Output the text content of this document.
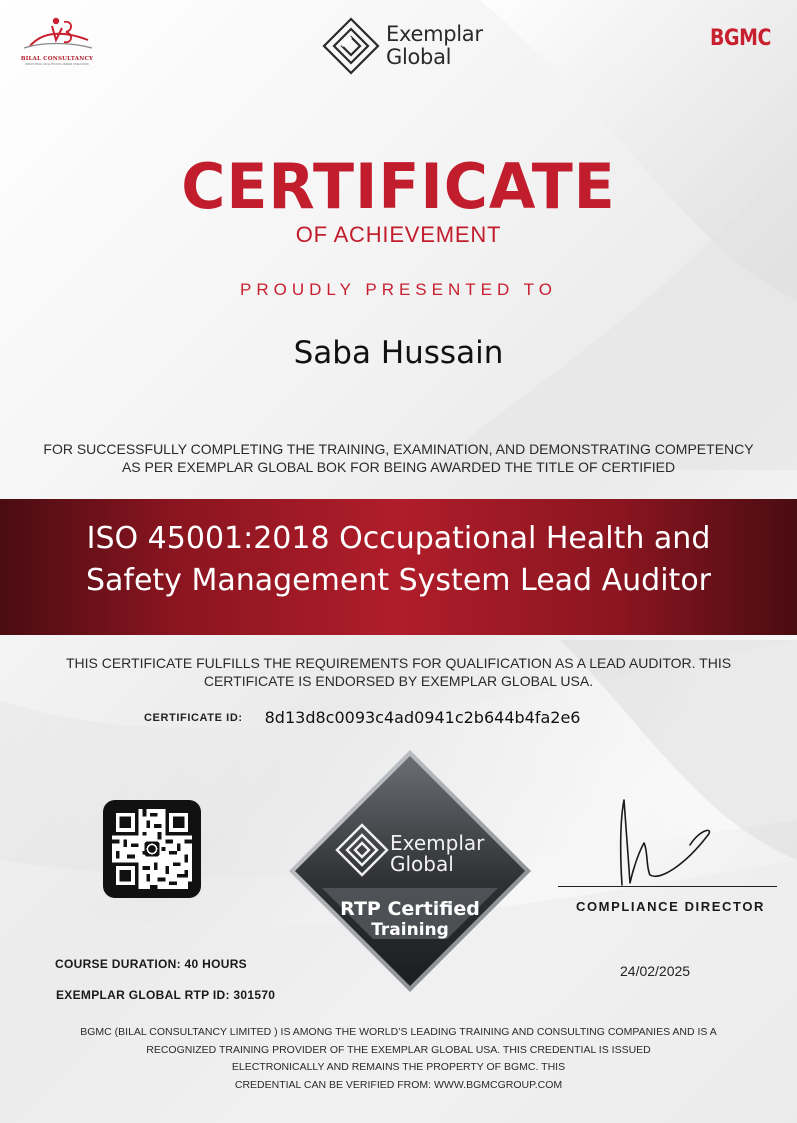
BILAL CONSULTANCY
INDUSTRIAL SOLUTIONS UNDER ONE ROOF
Exemplar
Global
BGMC
CERTIFICATE
OF ACHIEVEMENT
PROUDLY PRESENTED TO
Saba Hussain
FOR SUCCESSFULLY COMPLETING THE TRAINING, EXAMINATION, AND DEMONSTRATING COMPETENCY AS PER EXEMPLAR GLOBAL BOK FOR BEING AWARDED THE TITLE OF CERTIFIED
ISO 45001:2018 Occupational Health and
Safety Management System Lead Auditor
THIS CERTIFICATE FULFILLS THE REQUIREMENTS FOR QUALIFICATION AS A LEAD AUDITOR. THIS CERTIFICATE IS ENDORSED BY EXEMPLAR GLOBAL USA.
CERTIFICATE ID: 8d13d8c0093c4ad0941c2b644b4fa2e6
Exemplar
Global
RTP Certified
Training
COMPLIANCE DIRECTOR
24/02/2025
COURSE DURATION: 40 HOURS
EXEMPLAR GLOBAL RTP ID: 301570
BGMC (BILAL CONSULTANCY LIMITED ) IS AMONG THE WORLD’S LEADING TRAINING AND CONSULTING COMPANIES AND IS A
RECOGNIZED TRAINING PROVIDER OF THE EXEMPLAR GLOBAL USA. THIS CREDENTIAL IS ISSUED
ELECTRONICALLY AND REMAINS THE PROPERTY OF BGMC. THIS
CREDENTIAL CAN BE VERIFIED FROM: WWW.BGMCGROUP.COM
